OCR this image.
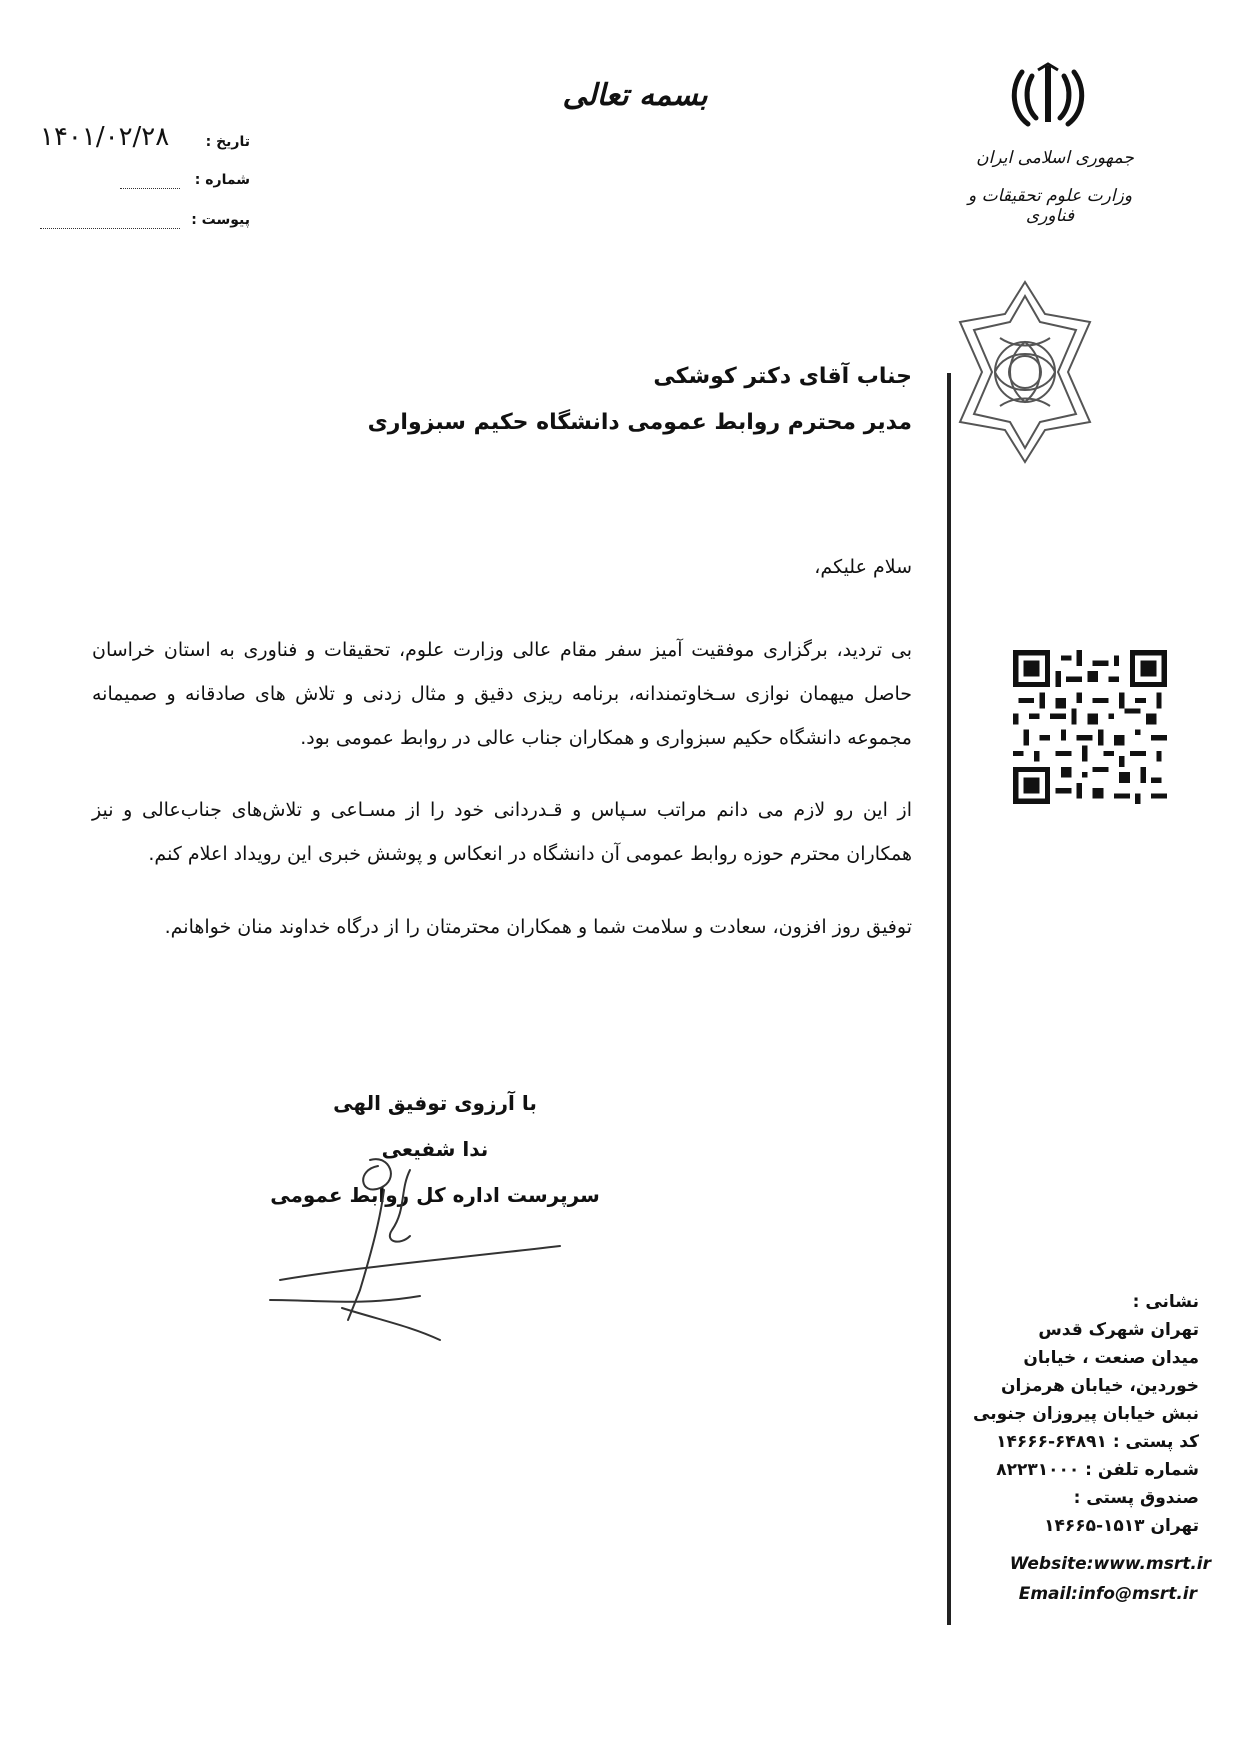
بسمه تعالی
تاریخ :
۱۴۰۱/۰۲/۲۸
شماره :
پیوست :
جمهوری اسلامی ایران
وزارت علوم تحقیقات و فناوری
جناب آقای دکتر کوشکی
مدیر محترم روابط عمومی دانشگاه حکیم سبزواری
سلام علیکم،
بی تردید، برگزاری موفقیت آمیز سفر مقام عالی وزارت علوم، تحقیقات و فناوری به استان خراسان حاصل میهمان نوازی سـخاوتمندانه، برنامه ریزی دقیق و مثال زدنی و تلاش های صادقانه و صمیمانه مجموعه دانشگاه حکیم سبزواری و همکاران جناب عالی در روابط عمومی بود.
از این رو لا‌زم می دانم مراتب سـپاس و قـدردانی خود را از مسـاعی و تلاش‌های جناب‌عالی و نیز همکاران محترم حوزه روابط عمومی آن دانشگاه در انعکاس و پوشش خبری این رویداد اعلام کنم.
توفیق روز افزون، سعادت و سلامت شما و همکاران محترمتان را از درگاه خداوند منان خواهانم.
با آرزوی توفیق الهی
ندا شفیعی
سرپرست اداره کل روابط عمومی
نشانی :
تهران شهرک قدس
میدان صنعت ، خیابان
خوردین، خیابان هرمزان
نبش خیابان پیروزان جنوبی
کد پستی : ۶۴۸۹۱-۱۴۶۶۶
شماره تلفن : ۸۲۲۳۱۰۰۰
صندوق پستی :
تهران ۱۵۱۳-۱۴۶۶۵
Website:www.msrt.ir
Email:info@msrt.ir
